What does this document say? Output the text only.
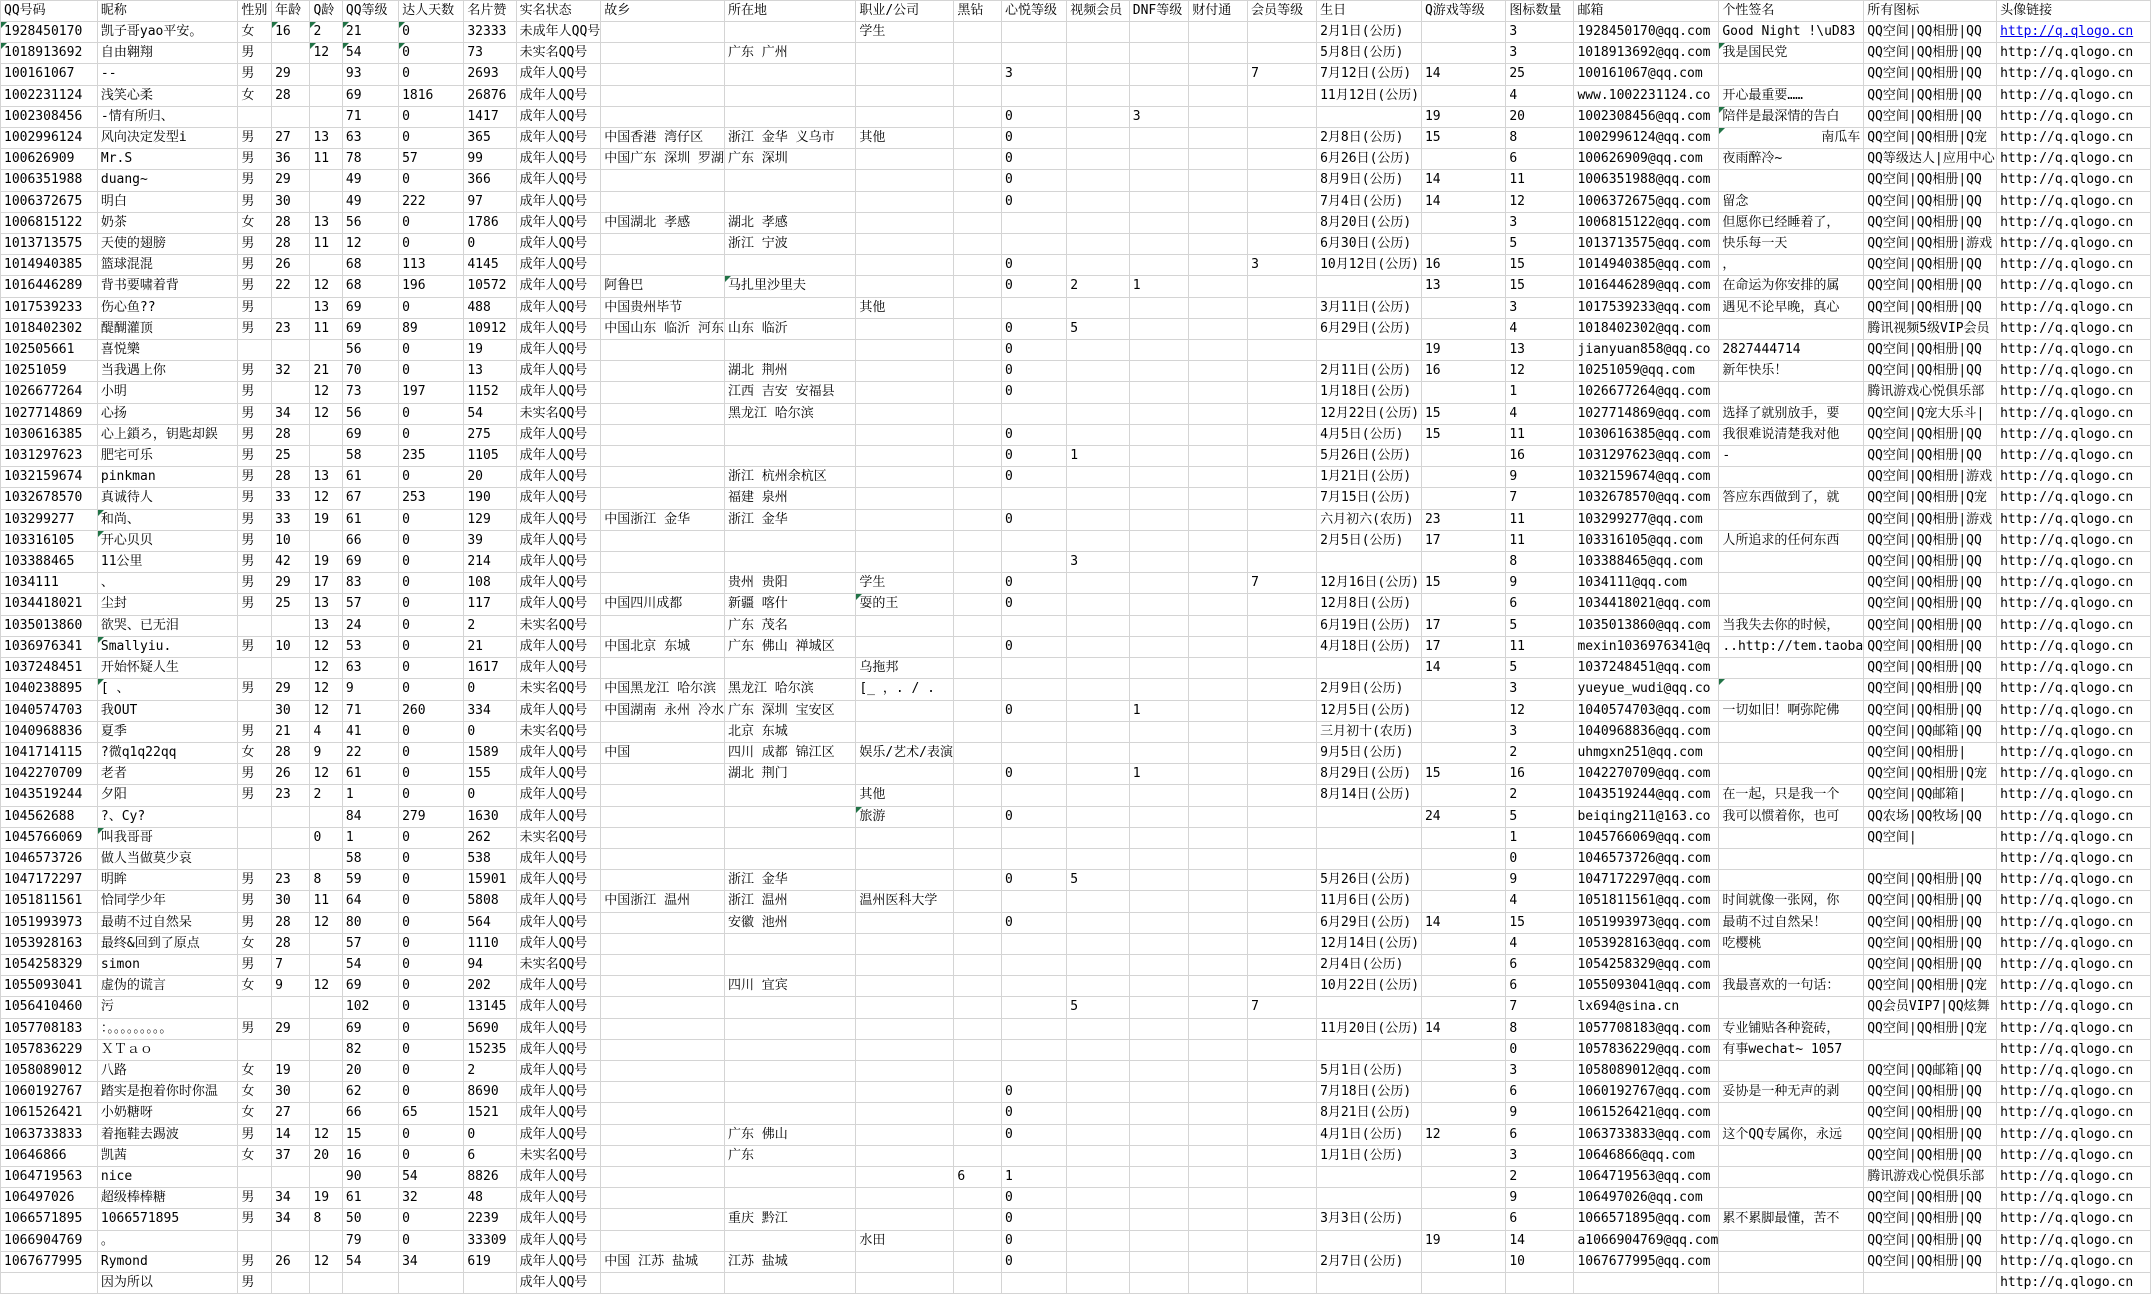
QQ号码	昵称	性别	年龄	Q龄	QQ等级	达人天数	名片赞	实名状态	故乡	所在地	职业/公司	黑钻	心悦等级	视频会员	DNF等级	财付通	会员等级	生日	Q游戏等级	图标数量	邮箱	个性签名	所有图标	头像链接

1928450170	凯子哥yao平安。	女	16	2	21	0	32333	未成年人QQ号			学生							2月1日(公历)		3	1928450170@qq.com	Good Night !\uD83	QQ空间|QQ相册|QQ	http://q.qlogo.cn

1018913692	自由翱翔	男		12	54	0	73	未实名QQ号		广东 广州								5月8日(公历)		3	1018913692@qq.com	我是国民党	QQ空间|QQ相册|QQ	http://q.qlogo.cn
100161067	--	男	29		93	0	2693	成年人QQ号					3				7	7月12日(公历)	14	25	100161067@qq.com		QQ空间|QQ相册|QQ	http://q.qlogo.cn
1002231124	浅笑心柔	女	28		69	1816	26876	成年人QQ号										11月12日(公历)		4	www.1002231124.co	开心最重要……	QQ空间|QQ相册|QQ	http://q.qlogo.cn
1002308456	-情有所归、				71	0	1417	成年人QQ号					0		3				19	20	1002308456@qq.com	陪伴是最深情的告白	QQ空间|QQ相册|QQ	http://q.qlogo.cn
1002996124	风向决定发型i	男	27	13	63	0	365	成年人QQ号	中国香港 湾仔区	浙江 金华 义乌市	其他		0					2月8日(公历)	15	8	1002996124@qq.com	南瓜车	QQ空间|QQ相册|Q宠	http://q.qlogo.cn
100626909	Mr.S	男	36	11	78	57	99	成年人QQ号	中国广东 深圳 罗湖	广东 深圳			0					6月26日(公历)		6	100626909@qq.com	夜雨醉冷~	QQ等级达人|应用中心	http://q.qlogo.cn
1006351988	duang~	男	29		49	0	366	成年人QQ号					0					8月9日(公历)	14	11	1006351988@qq.com		QQ空间|QQ相册|QQ	http://q.qlogo.cn
1006372675	明白	男	30		49	222	97	成年人QQ号					0					7月4日(公历)	14	12	1006372675@qq.com	留念	QQ空间|QQ相册|QQ	http://q.qlogo.cn
1006815122	奶茶	女	28	13	56	0	1786	成年人QQ号	中国湖北 孝感	湖北 孝感								8月20日(公历)		3	1006815122@qq.com	但愿你已经睡着了，	QQ空间|QQ相册|QQ	http://q.qlogo.cn
1013713575	天使的翅膀	男	28	11	12	0	0	成年人QQ号		浙江 宁波								6月30日(公历)		5	1013713575@qq.com	快乐每一天	QQ空间|QQ相册|游戏	http://q.qlogo.cn
1014940385	篮球混混	男	26		68	113	4145	成年人QQ号					0				3	10月12日(公历)	16	15	1014940385@qq.com	，	QQ空间|QQ相册|QQ	http://q.qlogo.cn
1016446289	背书要啸着背	男	22	12	68	196	10572	成年人QQ号	阿鲁巴	马扎里沙里夫			0	2	1				13	15	1016446289@qq.com	在命运为你安排的属	QQ空间|QQ相册|QQ	http://q.qlogo.cn
1017539233	伤心鱼??	男		13	69	0	488	成年人QQ号	中国贵州毕节		其他							3月11日(公历)		3	1017539233@qq.com	遇见不论早晚，真心	QQ空间|QQ相册|QQ	http://q.qlogo.cn
1018402302	醍醐灌顶	男	23	11	69	89	10912	成年人QQ号	中国山东 临沂 河东	山东 临沂			0	5				6月29日(公历)		4	1018402302@qq.com		腾讯视频5级VIP会员	http://q.qlogo.cn
102505661	喜悦樂				56	0	19	成年人QQ号					0						19	13	jianyuan858@qq.co	2827444714	QQ空间|QQ相册|QQ	http://q.qlogo.cn
10251059	当我遇上你	男	32	21	70	0	13	成年人QQ号		湖北 荆州			0					2月11日(公历)	16	12	10251059@qq.com	新年快乐！	QQ空间|QQ相册|QQ	http://q.qlogo.cn
1026677264	小明	男		12	73	197	1152	成年人QQ号		江西 吉安 安福县			0					1月18日(公历)		1	1026677264@qq.com		腾讯游戏心悦俱乐部	http://q.qlogo.cn
1027714869	心扬	男	34	12	56	0	54	未实名QQ号		黑龙江 哈尔滨								12月22日(公历)	15	4	1027714869@qq.com	选择了就别放手，要	QQ空间|Q宠大乐斗|	http://q.qlogo.cn
1030616385	心上鎖ろ，钥匙却鋘	男	28		69	0	275	成年人QQ号					0					4月5日(公历)	15	11	1030616385@qq.com	我很难说清楚我对他	QQ空间|QQ相册|QQ	http://q.qlogo.cn
1031297623	肥宅可乐	男	25		58	235	1105	成年人QQ号					0	1				5月26日(公历)		16	1031297623@qq.com	-	QQ空间|QQ相册|QQ	http://q.qlogo.cn
1032159674	pinkman	男	28	13	61	0	20	成年人QQ号		浙江 杭州余杭区			0					1月21日(公历)		9	1032159674@qq.com		QQ空间|QQ相册|游戏	http://q.qlogo.cn
1032678570	真诚待人	男	33	12	67	253	190	成年人QQ号		福建 泉州								7月15日(公历)		7	1032678570@qq.com	答应东西做到了，就	QQ空间|QQ相册|Q宠	http://q.qlogo.cn
103299277	和尚、	男	33	19	61	0	129	成年人QQ号	中国浙江 金华	浙江 金华			0					六月初六(农历)	23	11	103299277@qq.com		QQ空间|QQ相册|游戏	http://q.qlogo.cn
103316105	开心贝贝	男	10		66	0	39	成年人QQ号										2月5日(公历)	17	11	103316105@qq.com	人所追求的任何东西	QQ空间|QQ相册|QQ	http://q.qlogo.cn
103388465	11公里	男	42	19	69	0	214	成年人QQ号						3						8	103388465@qq.com		QQ空间|QQ相册|QQ	http://q.qlogo.cn
1034111	、	男	29	17	83	0	108	成年人QQ号		贵州 贵阳	学生		0				7	12月16日(公历)	15	9	1034111@qq.com		QQ空间|QQ相册|QQ	http://q.qlogo.cn
1034418021	尘封	男	25	13	57	0	117	成年人QQ号	中国四川成都	新疆 喀什	耍的王		0					12月8日(公历)		6	1034418021@qq.com		QQ空间|QQ相册|QQ	http://q.qlogo.cn
1035013860	欲哭、已无泪			13	24	0	2	未实名QQ号		广东 茂名								6月19日(公历)	17	5	1035013860@qq.com	当我失去你的时候，	QQ空间|QQ相册|QQ	http://q.qlogo.cn
1036976341	Smallyiu.	男	10	12	53	0	21	成年人QQ号	中国北京 东城	广东 佛山 禅城区			0					4月18日(公历)	17	11	mexin1036976341@q	..http://tem.taoba	QQ空间|QQ相册|QQ	http://q.qlogo.cn
1037248451	开始怀疑人生			12	63	0	1617	成年人QQ号			乌拖邦								14	5	1037248451@qq.com		QQ空间|QQ相册|QQ	http://q.qlogo.cn
1040238895	[ 、	男	29	12	9	0	0	未实名QQ号	中国黑龙江 哈尔滨	黑龙江 哈尔滨	[_ ，. / .							2月9日(公历)		3	yueyue_wudi@qq.co		QQ空间|QQ相册|QQ	http://q.qlogo.cn
1040574703	我OUT		30	12	71	260	334	成年人QQ号	中国湖南 永州 冷水	广东 深圳 宝安区			0		1			12月5日(公历)		12	1040574703@qq.com	一切如旧！啊弥陀佛	QQ空间|QQ相册|QQ	http://q.qlogo.cn
1040968836	夏季	男	21	4	41	0	0	未实名QQ号		北京 东城								三月初十(农历)		3	1040968836@qq.com		QQ空间|QQ邮箱|QQ	http://q.qlogo.cn
1041714115	?微q1q22qq	女	28	9	22	0	1589	成年人QQ号	中国	四川 成都 锦江区	娱乐/艺术/表演							9月5日(公历)		2	uhmgxn251@qq.com		QQ空间|QQ相册|	http://q.qlogo.cn
1042270709	老者	男	26	12	61	0	155	成年人QQ号		湖北 荆门			0		1			8月29日(公历)	15	16	1042270709@qq.com		QQ空间|QQ相册|Q宠	http://q.qlogo.cn
1043519244	夕阳	男	23	2	1	0	0	成年人QQ号			其他							8月14日(公历)		2	1043519244@qq.com	在一起，只是我一个	QQ空间|QQ邮箱|	http://q.qlogo.cn
104562688	?、Cy?				84	279	1630	成年人QQ号			旅游		0						24	5	beiqing211@163.co	我可以惯着你，也可	QQ农场|QQ牧场|QQ	http://q.qlogo.cn
1045766069	叫我哥哥			0	1	0	262	未实名QQ号												1	1045766069@qq.com		QQ空间|	http://q.qlogo.cn
1046573726	做人当做莫少哀				58	0	538	成年人QQ号												0	1046573726@qq.com			http://q.qlogo.cn
1047172297	明眸	男	23	8	59	0	15901	成年人QQ号		浙江 金华			0	5				5月26日(公历)		9	1047172297@qq.com		QQ空间|QQ相册|QQ	http://q.qlogo.cn
1051811561	恰同学少年	男	30	11	64	0	5808	成年人QQ号	中国浙江 温州	浙江 温州	温州医科大学							11月6日(公历)		4	1051811561@qq.com	时间就像一张网，你	QQ空间|QQ相册|QQ	http://q.qlogo.cn
1051993973	最萌不过自然呆	男	28	12	80	0	564	成年人QQ号		安徽 池州			0					6月29日(公历)	14	15	1051993973@qq.com	最萌不过自然呆！	QQ空间|QQ相册|QQ	http://q.qlogo.cn
1053928163	最终&回到了原点	女	28		57	0	1110	成年人QQ号										12月14日(公历)		4	1053928163@qq.com	吃樱桃	QQ空间|QQ相册|QQ	http://q.qlogo.cn
1054258329	simon	男	7		54	0	94	未实名QQ号										2月4日(公历)		6	1054258329@qq.com		QQ空间|QQ相册|QQ	http://q.qlogo.cn
1055093041	虚伪的谎言	女	9	12	69	0	202	成年人QQ号		四川 宜宾								10月22日(公历)		6	1055093041@qq.com	我最喜欢的一句话：	QQ空间|QQ相册|Q宠	http://q.qlogo.cn
1056410460	污				102	0	13145	成年人QQ号						5			7			7	lx694@sina.cn		QQ会员VIP7|QQ炫舞	http://q.qlogo.cn
1057708183	：。。。。。。。。。	男	29		69	0	5690	成年人QQ号										11月20日(公历)	14	8	1057708183@qq.com	专业铺贴各种瓷砖，	QQ空间|QQ相册|Q宠	http://q.qlogo.cn
1057836229	ＸＴａｏ				82	0	15235	成年人QQ号												0	1057836229@qq.com	有事wechat~ 1057		http://q.qlogo.cn
1058089012	八路	女	19		20	0	2	成年人QQ号										5月1日(公历)		3	1058089012@qq.com		QQ空间|QQ邮箱|QQ	http://q.qlogo.cn
1060192767	踏实是抱着你时你温	女	30		62	0	8690	成年人QQ号					0					7月18日(公历)		6	1060192767@qq.com	妥协是一种无声的剥	QQ空间|QQ相册|QQ	http://q.qlogo.cn
1061526421	小奶糖呀	女	27		66	65	1521	成年人QQ号					0					8月21日(公历)		9	1061526421@qq.com		QQ空间|QQ相册|QQ	http://q.qlogo.cn
1063733833	着拖鞋去踢波	男	14	12	15	0	0	成年人QQ号		广东 佛山			0					4月1日(公历)	12	6	1063733833@qq.com	这个QQ专属你，永远	QQ空间|QQ相册|QQ	http://q.qlogo.cn
10646866	凯茜	女	37	20	16	0	6	未实名QQ号		广东								1月1日(公历)		3	10646866@qq.com		QQ空间|QQ相册|QQ	http://q.qlogo.cn
1064719563	nice				90	54	8826	成年人QQ号				6	1							2	1064719563@qq.com		腾讯游戏心悦俱乐部	http://q.qlogo.cn
106497026	超级棒棒糖	男	34	19	61	32	48	成年人QQ号					0							9	106497026@qq.com		QQ空间|QQ相册|QQ	http://q.qlogo.cn
1066571895	1066571895	男	34	8	50	0	2239	成年人QQ号		重庆 黔江			0					3月3日(公历)		6	1066571895@qq.com	累不累脚最懂，苦不	QQ空间|QQ相册|QQ	http://q.qlogo.cn
1066904769	。				79	0	33309	成年人QQ号			水田		0						19	14	a1066904769@qq.com		QQ空间|QQ相册|QQ	http://q.qlogo.cn
1067677995	Rymond	男	26	12	54	34	619	成年人QQ号	中国 江苏 盐城	江苏 盐城			0					2月7日(公历)		10	1067677995@qq.com		QQ空间|QQ相册|QQ	http://q.qlogo.cn
	因为所以	男						成年人QQ号																http://q.qlogo.cn
